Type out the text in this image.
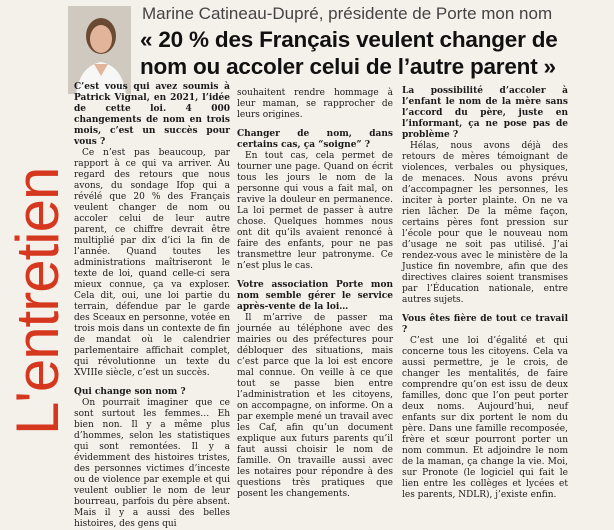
L'entretien
Marine Catineau-Dupré, présidente de Porte mon nom
« 20 % des Français veulent changer de nom ou accoler celui de l’autre parent »
C’est vous qui avez soumis à Patrick Vignal, en 2021, l’idée de cette loi. 4 000 changements de nom en trois mois, c’est un succès pour vous ?
Ce n’est pas beaucoup, par rapport à ce qui va arriver. Au regard des retours que nous avons, du sondage Ifop qui a révélé que 20 % des Français veulent changer de nom ou accoler celui de leur autre parent, ce chiffre devrait être multiplié par dix d’ici la fin de l’année. Quand toutes les administrations maîtriseront le texte de loi, quand celle-ci sera mieux connue, ça va exploser. Cela dit, oui, une loi partie du terrain, défendue par le garde des Sceaux en personne, votée en trois mois dans un contexte de fin de mandat où le calendrier parlementaire affichait complet, qui révolutionne un texte du XVIIIe siècle, c’est un succès.
Qui change son nom ?
On pourrait imaginer que ce sont surtout les femmes… Eh bien non. Il y a même plus d’hommes, selon les statistiques qui sont remontées. Il y a évidemment des histoires tristes, des personnes victimes d’inceste ou de violence par exemple et qui veulent oublier le nom de leur bourreau, parfois du père absent. Mais il y a aussi des belles histoires, des gens qui
souhaitent rendre hommage à leur maman, se rapprocher de leurs origines.
Changer de nom, dans certains cas, ça “soigne” ?
En tout cas, cela permet de tourner une page. Quand on écrit tous les jours le nom de la personne qui vous a fait mal, on ravive la douleur en permanence. La loi permet de passer à autre chose. Quelques hommes nous ont dit qu’ils avaient renoncé à faire des enfants, pour ne pas transmettre leur patronyme. Ce n’est plus le cas.
Votre association Porte mon nom semble gérer le service après-vente de la loi…
Il m’arrive de passer ma journée au téléphone avec des mairies ou des préfectures pour débloquer des situations, mais c’est parce que la loi est encore mal connue. On veille à ce que tout se passe bien entre l’administration et les citoyens, on accompagne, on informe. On a par exemple mené un travail avec les Caf, afin qu’un document explique aux futurs parents qu’il faut aussi choisir le nom de famille. On travaille aussi avec les notaires pour répondre à des questions très pratiques que posent les changements.
La possibilité d’accoler à l’enfant le nom de la mère sans l’accord du père, juste en l’informant, ça ne pose pas de problème ?
Hélas, nous avons déjà des retours de mères témoignant de violences, verbales ou physiques, de menaces. Nous avons prévu d’accompagner les personnes, les inciter à porter plainte. On ne va rien lâcher. De la même façon, certains pères font pression sur l’école pour que le nouveau nom d’usage ne soit pas utilisé. J’ai rendez-vous avec le ministère de la Justice fin novembre, afin que des directives claires soient transmises par l’Éducation nationale, entre autres sujets.
Vous êtes fière de tout ce travail ?
C’est une loi d’égalité et qui concerne tous les citoyens. Cela va aussi permettre, je le crois, de changer les mentalités, de faire comprendre qu’on est issu de deux familles, donc que l’on peut porter deux noms. Aujourd’hui, neuf enfants sur dix portent le nom du père. Dans une famille recomposée, frère et sœur pourront porter un nom commun. Et adjoindre le nom de la maman, ça change la vie. Moi, sur Pronote (le logiciel qui fait le lien entre les collèges et lycées et les parents, NDLR), j’existe enfin.
